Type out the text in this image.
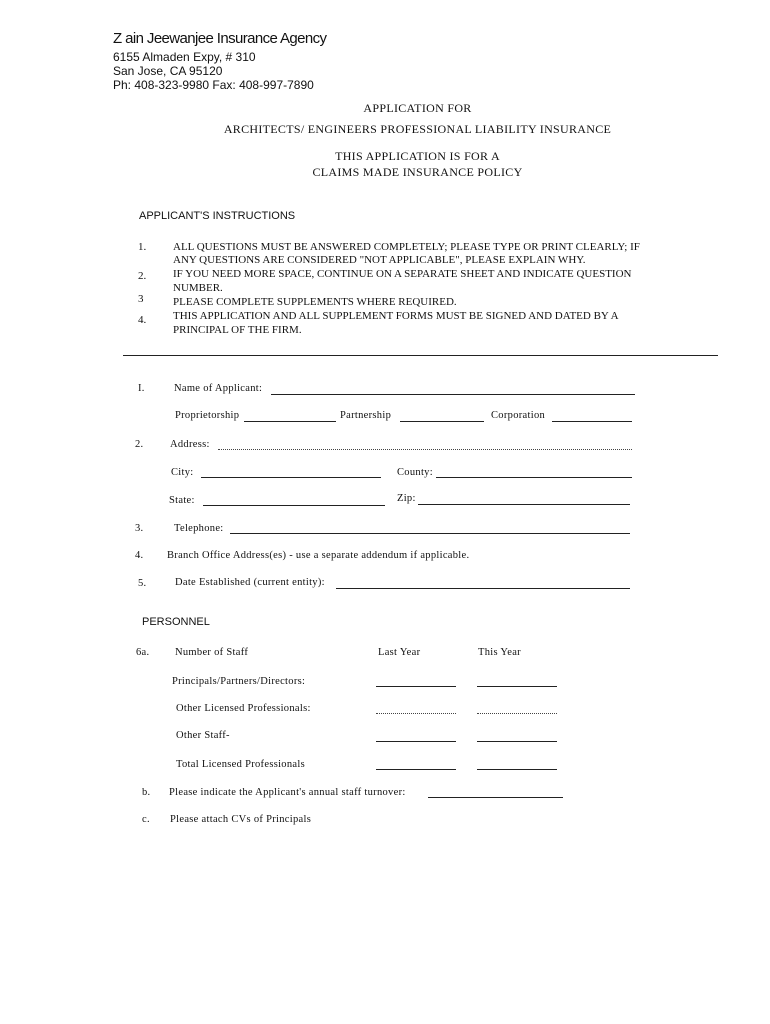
Z ain Jeewanjee Insurance Agency
6155 Almaden Expy, # 310
San Jose, CA 95120
Ph: 408-323-9980 Fax: 408-997-7890
APPLICATION FOR
ARCHITECTS/ ENGINEERS PROFESSIONAL LIABILITY INSURANCE
THIS APPLICATION IS FOR A
CLAIMS MADE INSURANCE POLICY
APPLICANT'S INSTRUCTIONS
1. ALL QUESTIONS MUST BE ANSWERED COMPLETELY; PLEASE TYPE OR PRINT CLEARLY; IF
ANY QUESTIONS ARE CONSIDERED "NOT APPLICABLE", PLEASE EXPLAIN WHY.
2. IF YOU NEED MORE SPACE, CONTINUE ON A SEPARATE SHEET AND INDICATE QUESTION
NUMBER.
3	PLEASE COMPLETE SUPPLEMENTS WHERE REQUIRED.
4. THIS APPLICATION AND ALL SUPPLEMENT FORMS MUST BE SIGNED AND DATED BY A
PRINCIPAL OF THE FIRM.
I.	Name of Applicant:
Proprietorship	Partnership	Corporation
2.	Address:
City:	County:
State:	Zip:
3.	Telephone:
4. Branch Office Address(es) - use a separate addendum if applicable.
5.	Date Established (current entity):
PERSONNEL
6a. Number of Staff	Last Year	This Year
Principals/Partners/Directors:
Other Licensed Professionals:
Other Staff-
Total Licensed Professionals
b. Please indicate the Applicant's annual staff turnover:
c. Please attach CVs of Principals
